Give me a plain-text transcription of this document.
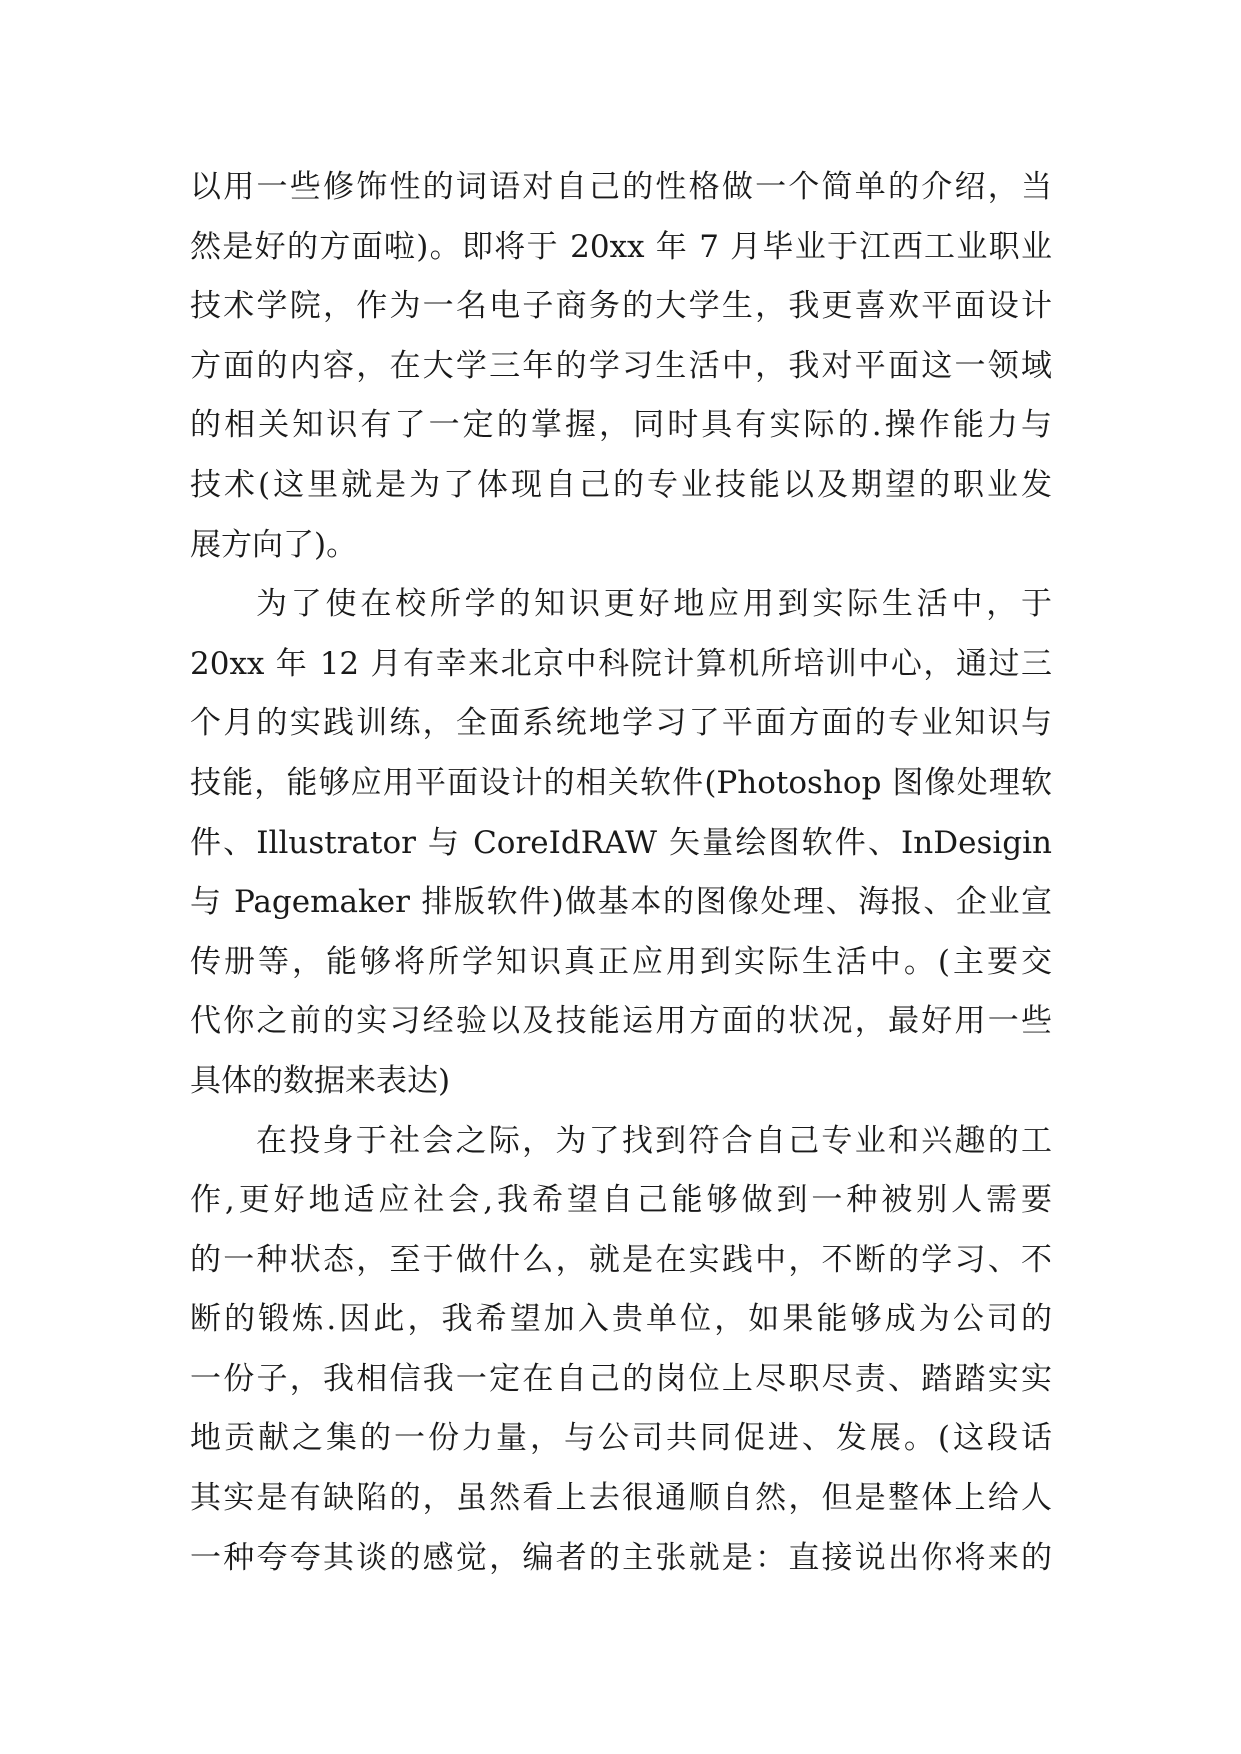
以用一些修饰性的词语对自己的性格做一个简单的介绍，当
然是好的方面啦)。即将于 20xx 年 7 月毕业于江西工业职业
技术学院，作为一名电子商务的大学生，我更喜欢平面设计
方面的内容，在大学三年的学习生活中，我对平面这一领域
的相关知识有了一定的掌握，同时具有实际的.操作能力与
技术(这里就是为了体现自己的专业技能以及期望的职业发
展方向了)。
为了使在校所学的知识更好地应用到实际生活中，于
20xx 年 12 月有幸来北京中科院计算机所培训中心，通过三
个月的实践训练，全面系统地学习了平面方面的专业知识与
技能，能够应用平面设计的相关软件(Photoshop 图像处理软
件、Illustrator 与 CoreIdRAW 矢量绘图软件、InDesigin
与 Pagemaker 排版软件)做基本的图像处理、海报、企业宣
传册等，能够将所学知识真正应用到实际生活中。(主要交
代你之前的实习经验以及技能运用方面的状况，最好用一些
具体的数据来表达)
在投身于社会之际，为了找到符合自己专业和兴趣的工
作,更好地适应社会,我希望自己能够做到一种被别人需要
的一种状态，至于做什么，就是在实践中，不断的学习、不
断的锻炼.因此，我希望加入贵单位，如果能够成为公司的
一份子，我相信我一定在自己的岗位上尽职尽责、踏踏实实
地贡献之集的一份力量，与公司共同促进、发展。(这段话
其实是有缺陷的，虽然看上去很通顺自然，但是整体上给人
一种夸夸其谈的感觉，编者的主张就是：直接说出你将来的
